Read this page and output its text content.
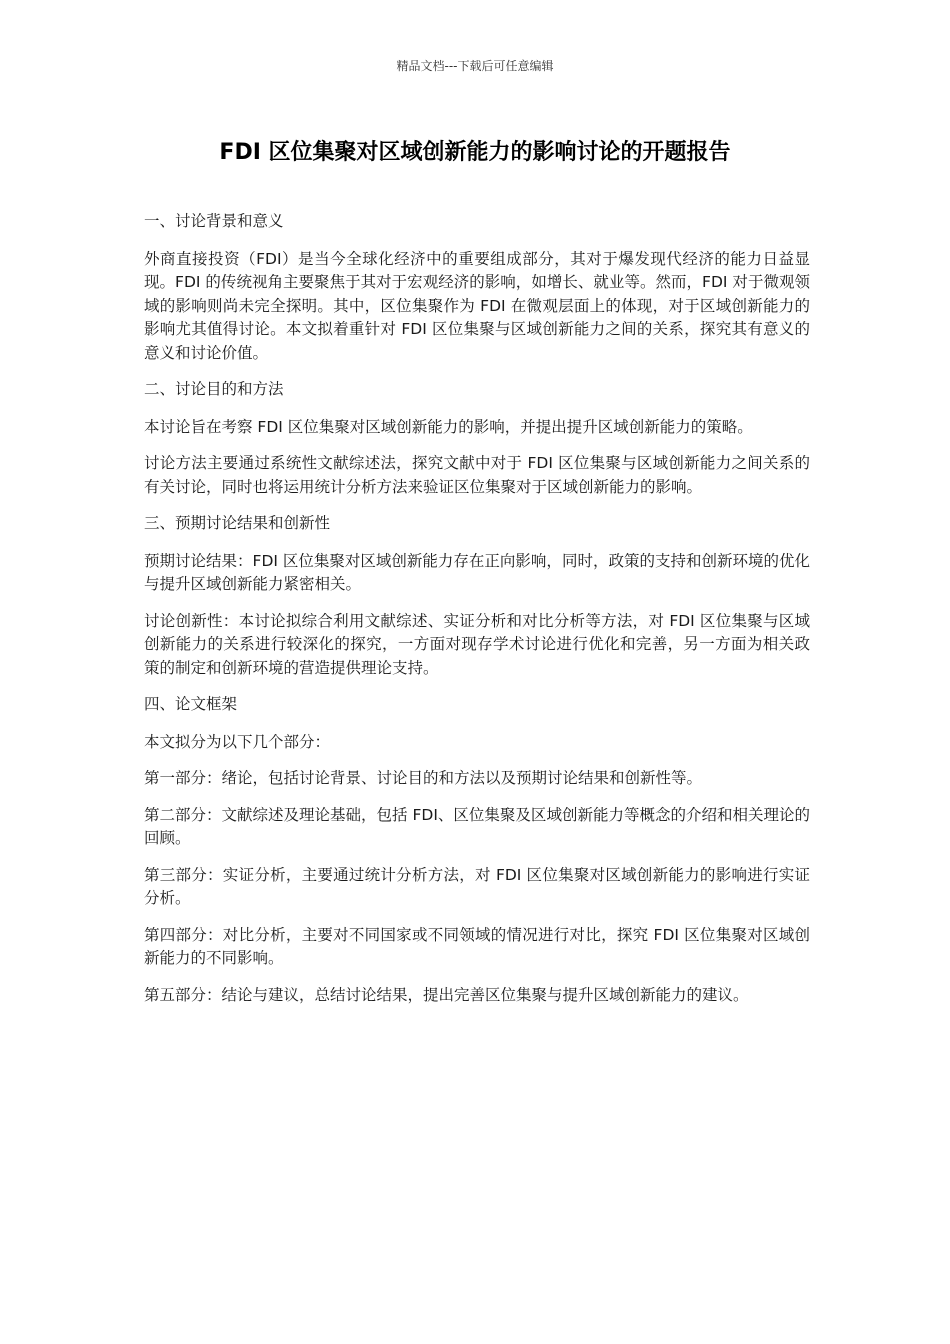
精品文档---下载后可任意编辑
FDI 区位集聚对区域创新能力的影响讨论的开题报告

一、讨论背景和意义

外商直接投资（FDI）是当今全球化经济中的重要组成部分，其对于爆发现代经济的能力日益显现。FDI 的传统视角主要聚焦于其对于宏观经济的影响，如增长、就业等。然而，FDI 对于微观领域的影响则尚未完全探明。其中，区位集聚作为 FDI 在微观层面上的体现，对于区域创新能力的影响尤其值得讨论。本文拟着重针对 FDI 区位集聚与区域创新能力之间的关系，探究其有意义的意义和讨论价值。

二、讨论目的和方法

本讨论旨在考察 FDI 区位集聚对区域创新能力的影响，并提出提升区域创新能力的策略。

讨论方法主要通过系统性文献综述法，探究文献中对于 FDI 区位集聚与区域创新能力之间关系的有关讨论，同时也将运用统计分析方法来验证区位集聚对于区域创新能力的影响。

三、预期讨论结果和创新性

预期讨论结果：FDI 区位集聚对区域创新能力存在正向影响，同时，政策的支持和创新环境的优化与提升区域创新能力紧密相关。

讨论创新性：本讨论拟综合利用文献综述、实证分析和对比分析等方法，对 FDI 区位集聚与区域创新能力的关系进行较深化的探究，一方面对现存学术讨论进行优化和完善，另一方面为相关政策的制定和创新环境的营造提供理论支持。

四、论文框架

本文拟分为以下几个部分：

第一部分：绪论，包括讨论背景、讨论目的和方法以及预期讨论结果和创新性等。

第二部分：文献综述及理论基础，包括 FDI、区位集聚及区域创新能力等概念的介绍和相关理论的回顾。

第三部分：实证分析，主要通过统计分析方法，对 FDI 区位集聚对区域创新能力的影响进行实证分析。

第四部分：对比分析，主要对不同国家或不同领域的情况进行对比，探究 FDI 区位集聚对区域创新能力的不同影响。

第五部分：结论与建议，总结讨论结果，提出完善区位集聚与提升区域创新能力的建议。
